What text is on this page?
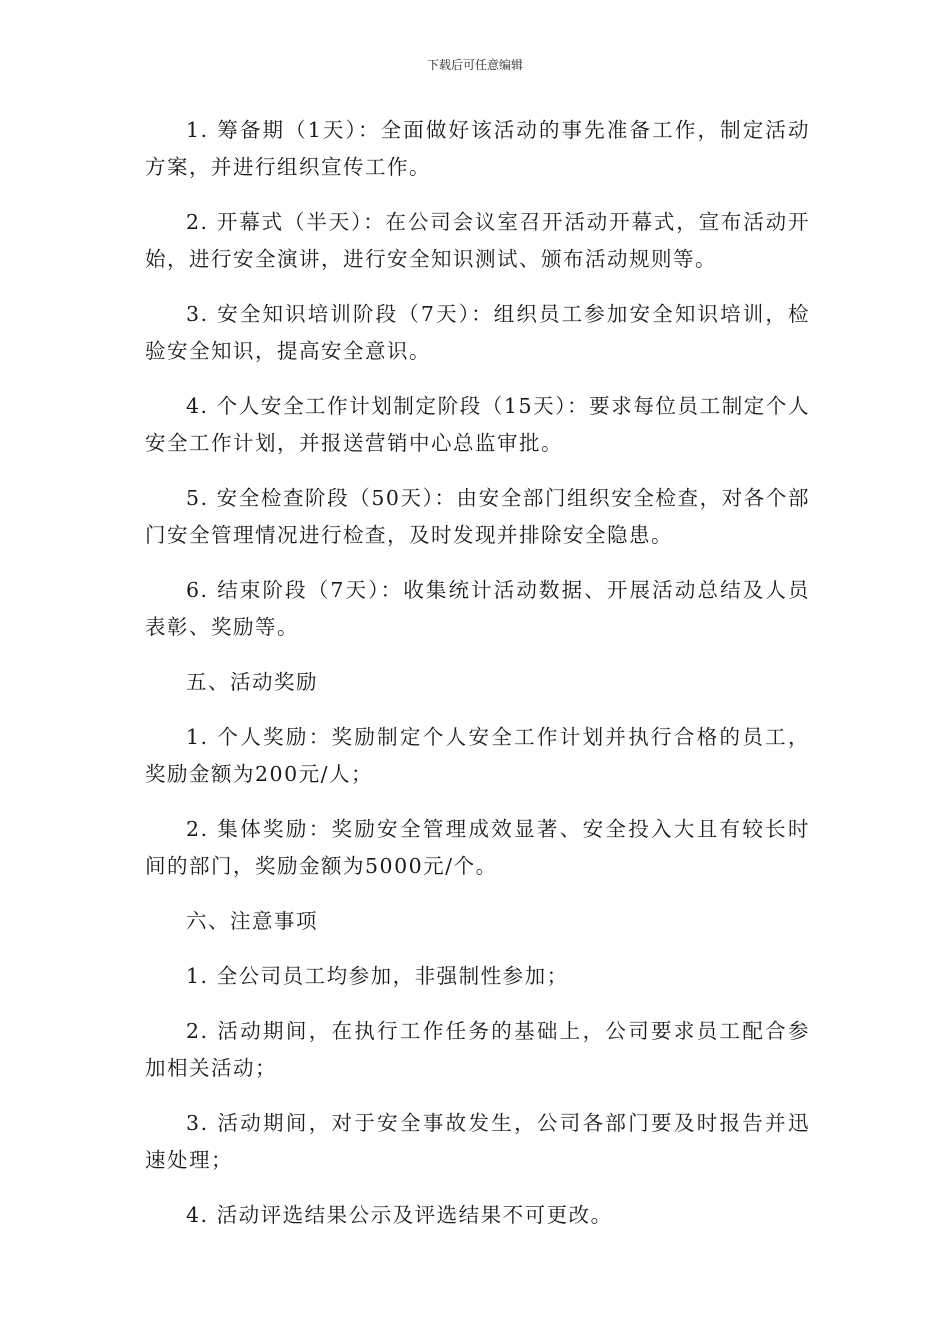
下载后可任意编辑

1. 筹备期（1天）：全面做好该活动的事先准备工作，制定活动方案，并进行组织宣传工作。

2. 开幕式（半天）：在公司会议室召开活动开幕式，宣布活动开始，进行安全演讲，进行安全知识测试、颁布活动规则等。

3. 安全知识培训阶段（7天）：组织员工参加安全知识培训，检验安全知识，提高安全意识。

4. 个人安全工作计划制定阶段（15天）：要求每位员工制定个人安全工作计划，并报送营销中心总监审批。

5. 安全检查阶段（50天）：由安全部门组织安全检查，对各个部门安全管理情况进行检查，及时发现并排除安全隐患。

6. 结束阶段（7天）：收集统计活动数据、开展活动总结及人员表彰、奖励等。

五、活动奖励

1. 个人奖励：奖励制定个人安全工作计划并执行合格的员工，奖励金额为200元/人；

2. 集体奖励：奖励安全管理成效显著、安全投入大且有较长时间的部门，奖励金额为5000元/个。

六、注意事项

1. 全公司员工均参加，非强制性参加；

2. 活动期间，在执行工作任务的基础上，公司要求员工配合参加相关活动；

3. 活动期间，对于安全事故发生，公司各部门要及时报告并迅速处理；

4. 活动评选结果公示及评选结果不可更改。
